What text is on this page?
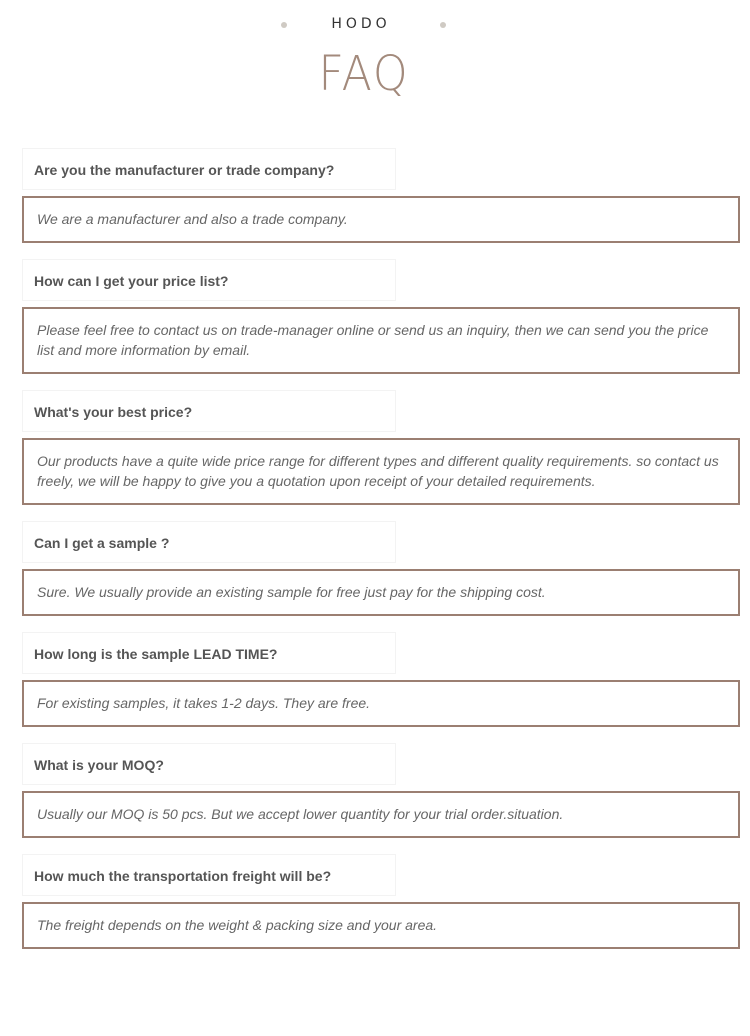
HODO
FAQ
Are you the manufacturer or trade company?
We are a manufacturer and also a trade company.
How can I get your price list?
Please feel free to contact us on trade-manager online or send us an inquiry, then we can send you the price list and more information by email.
What's your best price?
Our products have a quite wide price range for different types and different quality requirements. so contact us freely, we will be happy to give you a quotation upon receipt of your detailed requirements.
Can I get a sample ?
Sure. We usually provide an existing sample for free just pay for the shipping cost.
How long is the sample LEAD TIME?
For existing samples, it takes 1-2 days. They are free.
What is your MOQ?
Usually our MOQ is 50 pcs. But we accept lower quantity for your trial order.situation.
How much the transportation freight will be?
The freight depends on the weight & packing size and your area.
